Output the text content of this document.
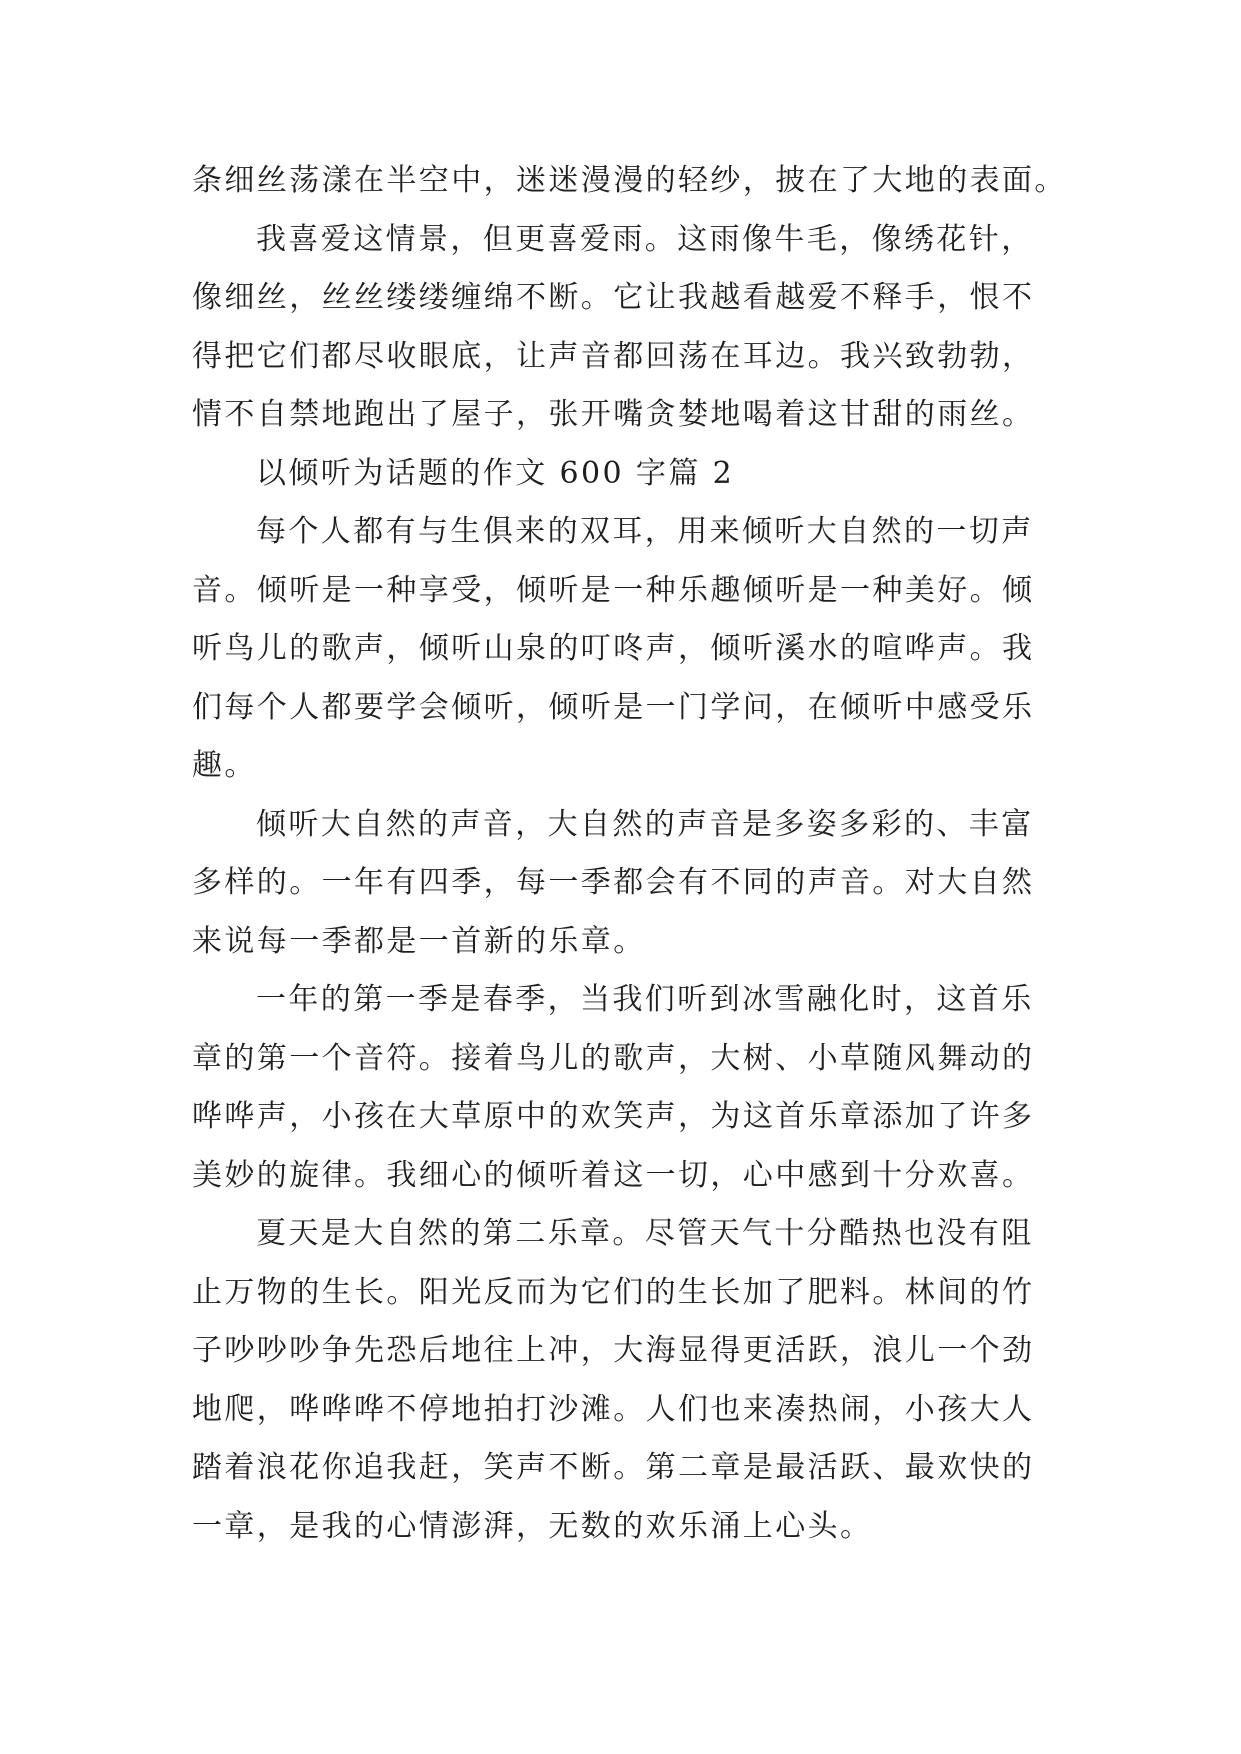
条细丝荡漾在半空中，迷迷漫漫的轻纱，披在了大地的表面。
我喜爱这情景，但更喜爱雨。这雨像牛毛，像绣花针，
像细丝，丝丝缕缕缠绵不断。它让我越看越爱不释手，恨不
得把它们都尽收眼底，让声音都回荡在耳边。我兴致勃勃，
情不自禁地跑出了屋子，张开嘴贪婪地喝着这甘甜的雨丝。
以倾听为话题的作文 600 字篇 2
每个人都有与生俱来的双耳，用来倾听大自然的一切声
音。倾听是一种享受，倾听是一种乐趣倾听是一种美好。倾
听鸟儿的歌声，倾听山泉的叮咚声，倾听溪水的喧哗声。我
们每个人都要学会倾听，倾听是一门学问，在倾听中感受乐
趣。
倾听大自然的声音，大自然的声音是多姿多彩的、丰富
多样的。一年有四季，每一季都会有不同的声音。对大自然
来说每一季都是一首新的乐章。
一年的第一季是春季，当我们听到冰雪融化时，这首乐
章的第一个音符。接着鸟儿的歌声，大树、小草随风舞动的
哗哗声，小孩在大草原中的欢笑声，为这首乐章添加了许多
美妙的旋律。我细心的倾听着这一切，心中感到十分欢喜。
夏天是大自然的第二乐章。尽管天气十分酷热也没有阻
止万物的生长。阳光反而为它们的生长加了肥料。林间的竹
子吵吵吵争先恐后地往上冲，大海显得更活跃，浪儿一个劲
地爬，哗哗哗不停地拍打沙滩。人们也来凑热闹，小孩大人
踏着浪花你追我赶，笑声不断。第二章是最活跃、最欢快的
一章，是我的心情澎湃，无数的欢乐涌上心头。
